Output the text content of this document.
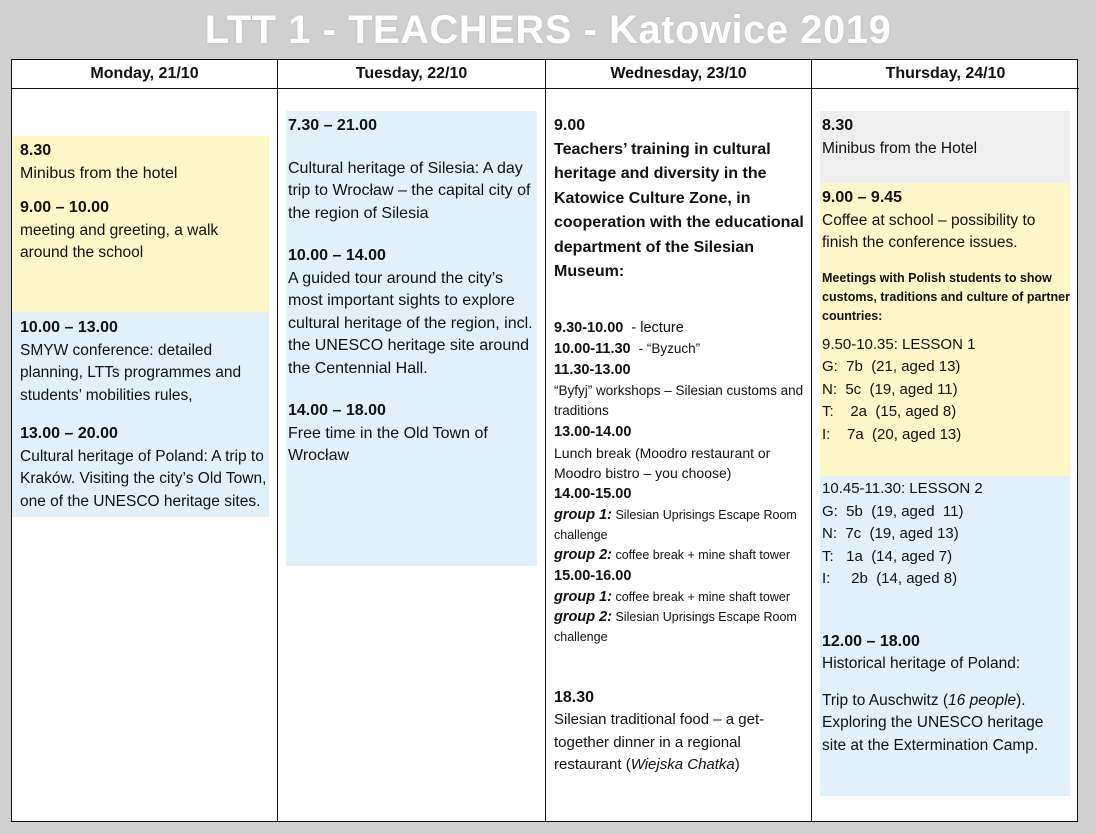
LTT 1 - TEACHERS - Katowice 2019
Monday, 21/10

8.30

Minibus from the hotel

9.00 – 10.00

meeting and greeting, a walk around the school

10.00 – 13.00

SMYW conference: detailed planning, LTTs programmes and students’ mobilities rules,

13.00 – 20.00

Cultural heritage of Poland: A trip to Kraków. Visiting the city’s Old Town, one of the UNESCO heritage sites.

Tuesday, 22/10

7.30 – 21.00

Cultural heritage of Silesia: A day trip to Wrocław – the capital city of the region of Silesia

10.00 – 14.00

A guided tour around the city’s most important sights to explore cultural heritage of the region, incl. the UNESCO heritage site around the Centennial Hall.

14.00 – 18.00

Free time in the Old Town of Wrocław

Wednesday, 23/10

9.00

Teachers’ training in cultural heritage and diversity in the Katowice Culture Zone, in cooperation with the educational department of the Silesian Museum:

9.30-10.00 - lecture

10.00-11.30 - “Byzuch”

11.30-13.00

“Byfyj” workshops – Silesian customs and traditions

13.00-14.00

Lunch break (Moodro restaurant or Moodro bistro – you choose)

14.00-15.00

group 1: Silesian Uprisings Escape Room challenge

group 2: coffee break + mine shaft tower

15.00-16.00

group 1: coffee break + mine shaft tower

group 2: Silesian Uprisings Escape Room challenge

18.30

Silesian traditional food – a get-together dinner in a regional restaurant (Wiejska Chatka)

Thursday, 24/10

8.30

Minibus from the Hotel

9.00 – 9.45

Coffee at school – possibility to finish the conference issues.

Meetings with Polish students to show customs, traditions and culture of partner countries:

9.50-10.35: LESSON 1

G:  7b  (21, aged 13)

N:  5c  (19, aged 11)

T:    2a  (15, aged 8)

I:    7a  (20, aged 13)

10.45-11.30: LESSON 2

G:  5b  (19, aged  11)

N:  7c  (19, aged 13)

T:   1a  (14, aged 7)

I:     2b  (14, aged 8)

12.00 – 18.00

Historical heritage of Poland:

Trip to Auschwitz (16 people). Exploring the UNESCO heritage site at the Extermination Camp.
